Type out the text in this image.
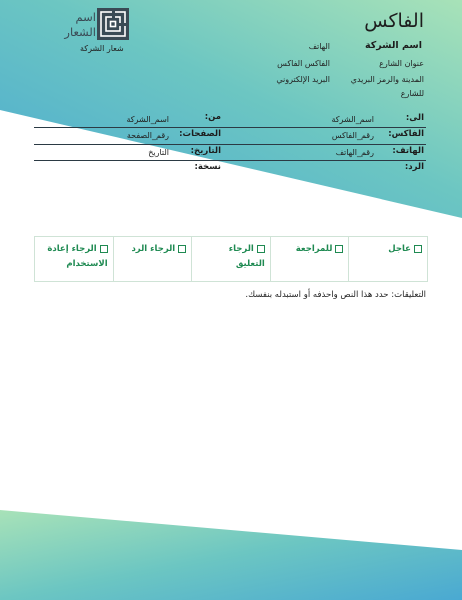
الفاكس
اسم الشركة
عنوان الشارع
المدينة والرمز البريدي للشارع
الهاتف
الفاكس الفاكس
البريد الإلكتروني
اسم الشعار
شعار الشركة
الى:
اسم_الشركة
الفاكس:
رقم_الفاكس
الهاتف:
رقم_الهاتف
الرد:
من:
اسم_الشركة
الصفحات:
رقم_الصفحة
التاريخ:
التاريخ
نسخة:
عاجل	للمراجعة	الرجاء التعليق	الرجاء الرد	الرجاء إعادة الاستخدام
التعليقات: حدد هذا النص واحذفه أو استبدله بنفسك.
